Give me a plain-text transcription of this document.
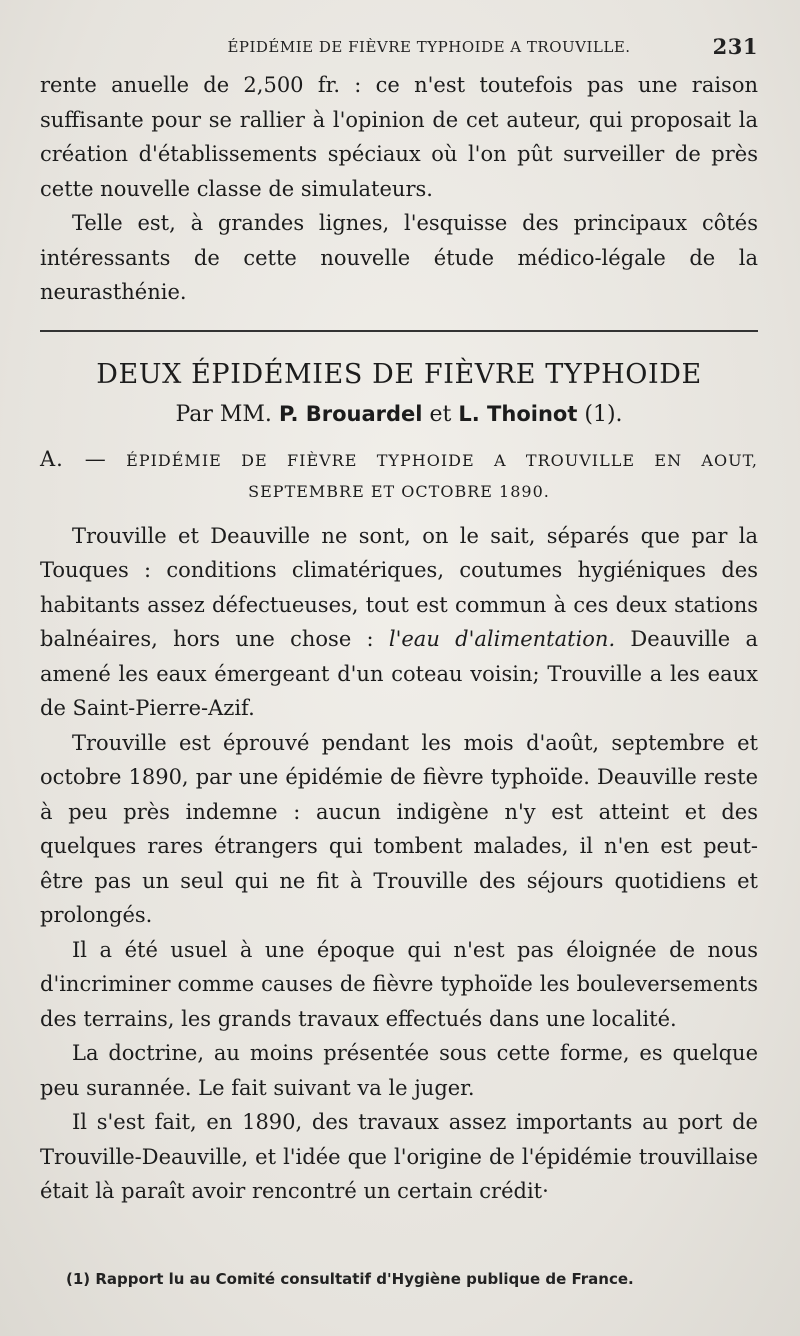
ÉPIDÉMIE DE FIÈVRE TYPHOIDE A TROUVILLE.	231

rente anuelle de 2,500 fr. : ce n'est toutefois pas une raison suffisante pour se rallier à l'opinion de cet auteur, qui proposait la création d'établissements spéciaux où l'on pût surveiller de près cette nouvelle classe de simulateurs.

Telle est, à grandes lignes, l'esquisse des principaux côtés intéressants de cette nouvelle étude médico-légale de la neurasthénie.

DEUX ÉPIDÉMIES DE FIÈVRE TYPHOIDE
Par MM. P. Brouardel et L. Thoinot (1).
A. — ÉPIDÉMIE DE FIÈVRE TYPHOIDE A TROUVILLE EN AOUT,
SEPTEMBRE ET OCTOBRE 1890.

Trouville et Deauville ne sont, on le sait, séparés que par la Touques : conditions climatériques, coutumes hygiéniques des habitants assez défectueuses, tout est commun à ces deux stations balnéaires, hors une chose : l'eau d'alimentation. Deauville a amené les eaux émergeant d'un coteau voisin; Trouville a les eaux de Saint-Pierre-Azif.

Trouville est éprouvé pendant les mois d'août, septembre et octobre 1890, par une épidémie de fièvre typhoïde. Deauville reste à peu près indemne : aucun indigène n'y est atteint et des quelques rares étrangers qui tombent malades, il n'en est peut-être pas un seul qui ne fit à Trouville des séjours quotidiens et prolongés.

Il a été usuel à une époque qui n'est pas éloignée de nous d'incriminer comme causes de fièvre typhoïde les bouleversements des terrains, les grands travaux effectués dans une localité.

La doctrine, au moins présentée sous cette forme, es quelque peu surannée. Le fait suivant va le juger.

Il s'est fait, en 1890, des travaux assez importants au port de Trouville-Deauville, et l'idée que l'origine de l'épidémie trouvillaise était là paraît avoir rencontré un certain crédit·

(1) Rapport lu au Comité consultatif d'Hygiène publique de France.
